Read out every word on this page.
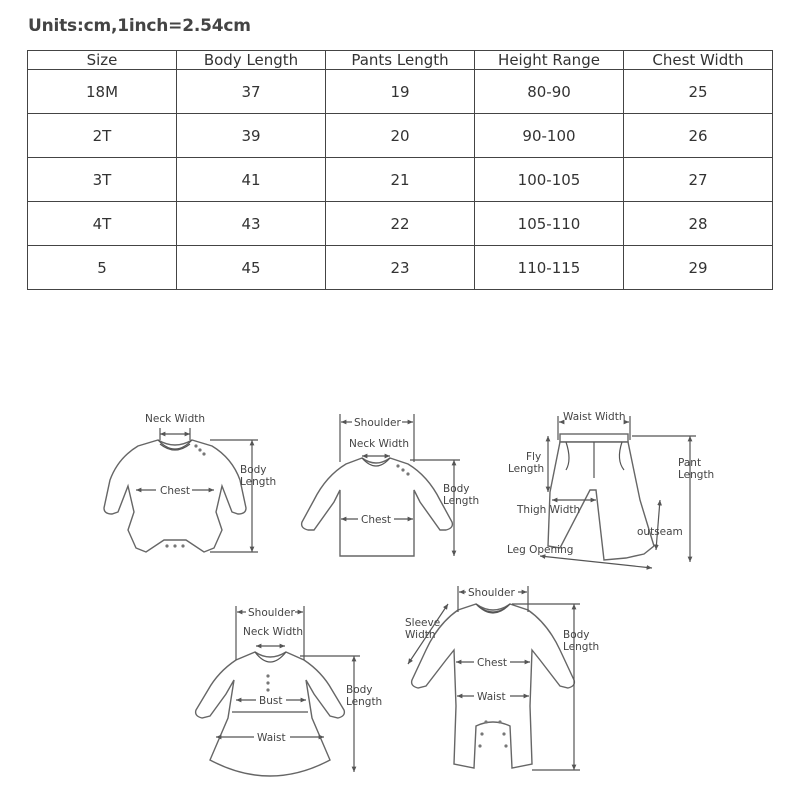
Units:cm,1inch=2.54cm
Size	Body Length	Pants Length	Height Range	Chest Width
18M	37	19	80-90	25
2T	39	20	90-100	26
3T	41	21	100-105	27
4T	43	22	105-110	28
5	45	23	110-115	29
Neck Width
Chest
Body
Length
Shoulder
Neck Width
Chest
Body
Length
Waist Width
Fly
Length	Pant
Length
Thigh Width
outseam
Leg Opening
Shoulder
Neck Width
Bust
Waist
Body
Length
Shoulder
Sleeve
Width
Chest
Waist
Body
Length
